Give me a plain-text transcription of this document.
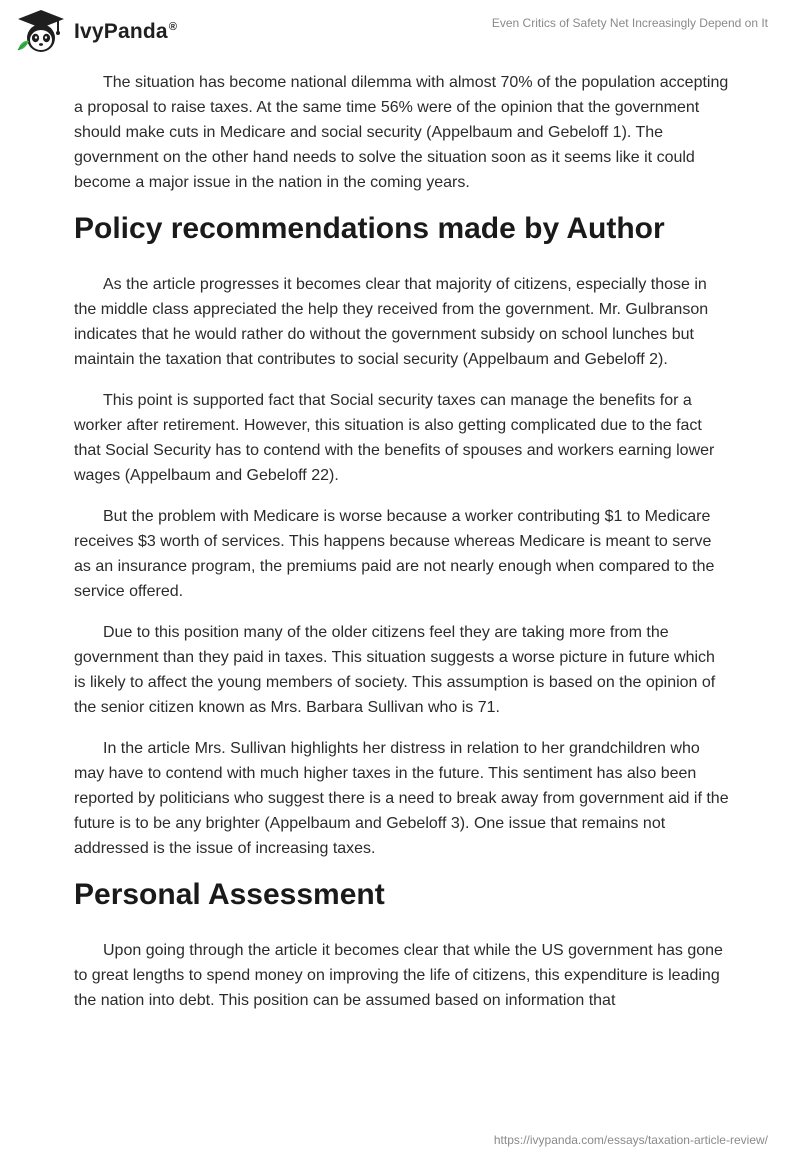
IvyPanda®	Even Critics of Safety Net Increasingly Depend on It

The situation has become national dilemma with almost 70% of the population accepting a proposal to raise taxes. At the same time 56% were of the opinion that the government should make cuts in Medicare and social security (Appelbaum and Gebeloff 1). The government on the other hand needs to solve the situation soon as it seems like it could become a major issue in the nation in the coming years.

Policy recommendations made by Author

As the article progresses it becomes clear that majority of citizens, especially those in the middle class appreciated the help they received from the government. Mr. Gulbranson indicates that he would rather do without the government subsidy on school lunches but maintain the taxation that contributes to social security (Appelbaum and Gebeloff 2).

This point is supported fact that Social security taxes can manage the benefits for a worker after retirement. However, this situation is also getting complicated due to the fact that Social Security has to contend with the benefits of spouses and workers earning lower wages (Appelbaum and Gebeloff 22).

But the problem with Medicare is worse because a worker contributing $1 to Medicare receives $3 worth of services. This happens because whereas Medicare is meant to serve as an insurance program, the premiums paid are not nearly enough when compared to the service offered.

Due to this position many of the older citizens feel they are taking more from the government than they paid in taxes. This situation suggests a worse picture in future which is likely to affect the young members of society. This assumption is based on the opinion of the senior citizen known as Mrs. Barbara Sullivan who is 71.

In the article Mrs. Sullivan highlights her distress in relation to her grandchildren who may have to contend with much higher taxes in the future. This sentiment has also been reported by politicians who suggest there is a need to break away from government aid if the future is to be any brighter (Appelbaum and Gebeloff 3). One issue that remains not addressed is the issue of increasing taxes.

Personal Assessment

Upon going through the article it becomes clear that while the US government has gone to great lengths to spend money on improving the life of citizens, this expenditure is leading the nation into debt. This position can be assumed based on information that

https://ivypanda.com/essays/taxation-article-review/
